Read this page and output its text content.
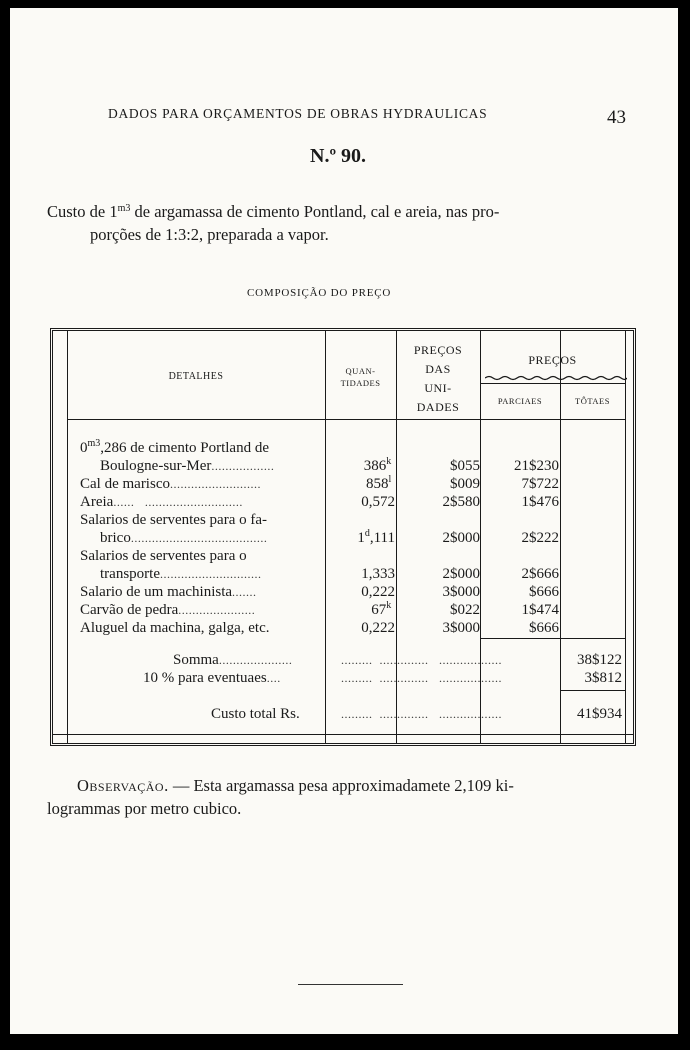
DADOS PARA ORÇAMENTOS DE OBRAS HYDRAULICAS	43
N.º 90.
Custo de $1^{m3}$ de argamassa de cimento Pontland, cal e areia, nas pro-
porções de 1:3:2, preparada a vapor.
COMPOSIÇÃO DO PREÇO
DETALHES	QUAN-
TIDADES
PREÇOS
DAS
UNI-
DADES
PREÇOS
PARCIAES	TÔTAES
$0^{m3},286$ de cimento Portland de
Boulogne-sur-Mer..................	386$^k$	$055	21$230
Cal de marisco..........................	858$^l$	$009	7$722
Areia......   ............................	0,572	2$580	1$476
Salarios de serventes para o fa-
brico.......................................	1$^d$,111	2$000	2$222
Salarios de serventes para o
transporte.............................	1,333	2$000	2$666
Salario de um machinista.......	0,222	3$000	$666
Carvão de pedra......................	67$^k$	$022	1$474
Aluguel da machina, galga, etc.	0,222	3$000	$666
Somma.....................	.........  ..............   ..................	38$122
10 % para eventuaes....	.........  ..............   ..................	3$812
Custo total Rs.	.........  ..............   ..................	41$934
Observação. — Esta argamassa pesa approximadamete 2,109 ki-
logrammas por metro cubico.
